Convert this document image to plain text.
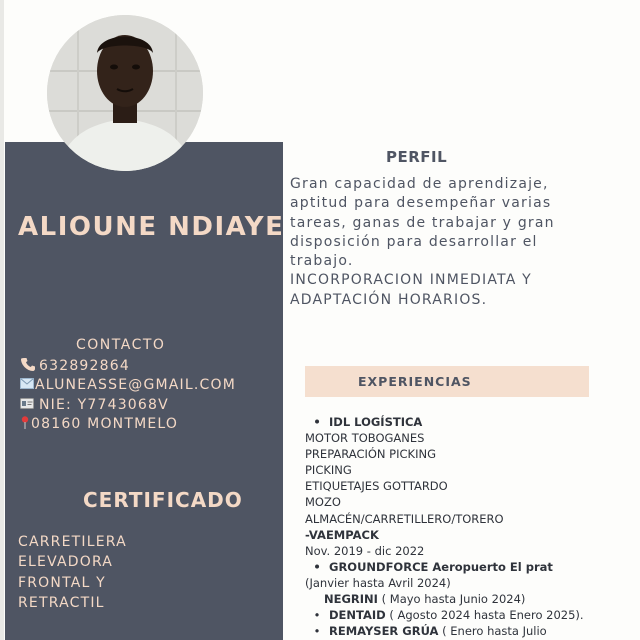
ALIOUNE NDIAYE
CONTACTO
632892864
ALUNEASSE@GMAIL.COM
NIE: Y7743068V
08160 MONTMELO
CERTIFICADO
CARRETILERA
ELEVADORA
FRONTAL Y
RETRACTIL
PERFIL
Gran capacidad de aprendizaje,
aptitud para desempeñar varias
tareas, ganas de trabajar y gran
disposición para desarrollar el
trabajo.
INCORPORACION INMEDIATA Y
ADAPTACIÓN HORARIOS.
EXPERIENCIAS
• IDL LOGÍSTICA
MOTOR TOBOGANES
PREPARACIÓN PICKING
PICKING
ETIQUETAJES GOTTARDO
MOZO
ALMACÉN/CARRETILLERO/TORERO
-VAEMPACK
Nov. 2019 - dic 2022
• GROUNDFORCE Aeropuerto El prat
(Janvier hasta Avril 2024)
NEGRINI ( Mayo hasta Junio 2024)
• DENTAID ( Agosto 2024 hasta Enero 2025).
• REMAYSER GRÚA ( Enero hasta Julio
